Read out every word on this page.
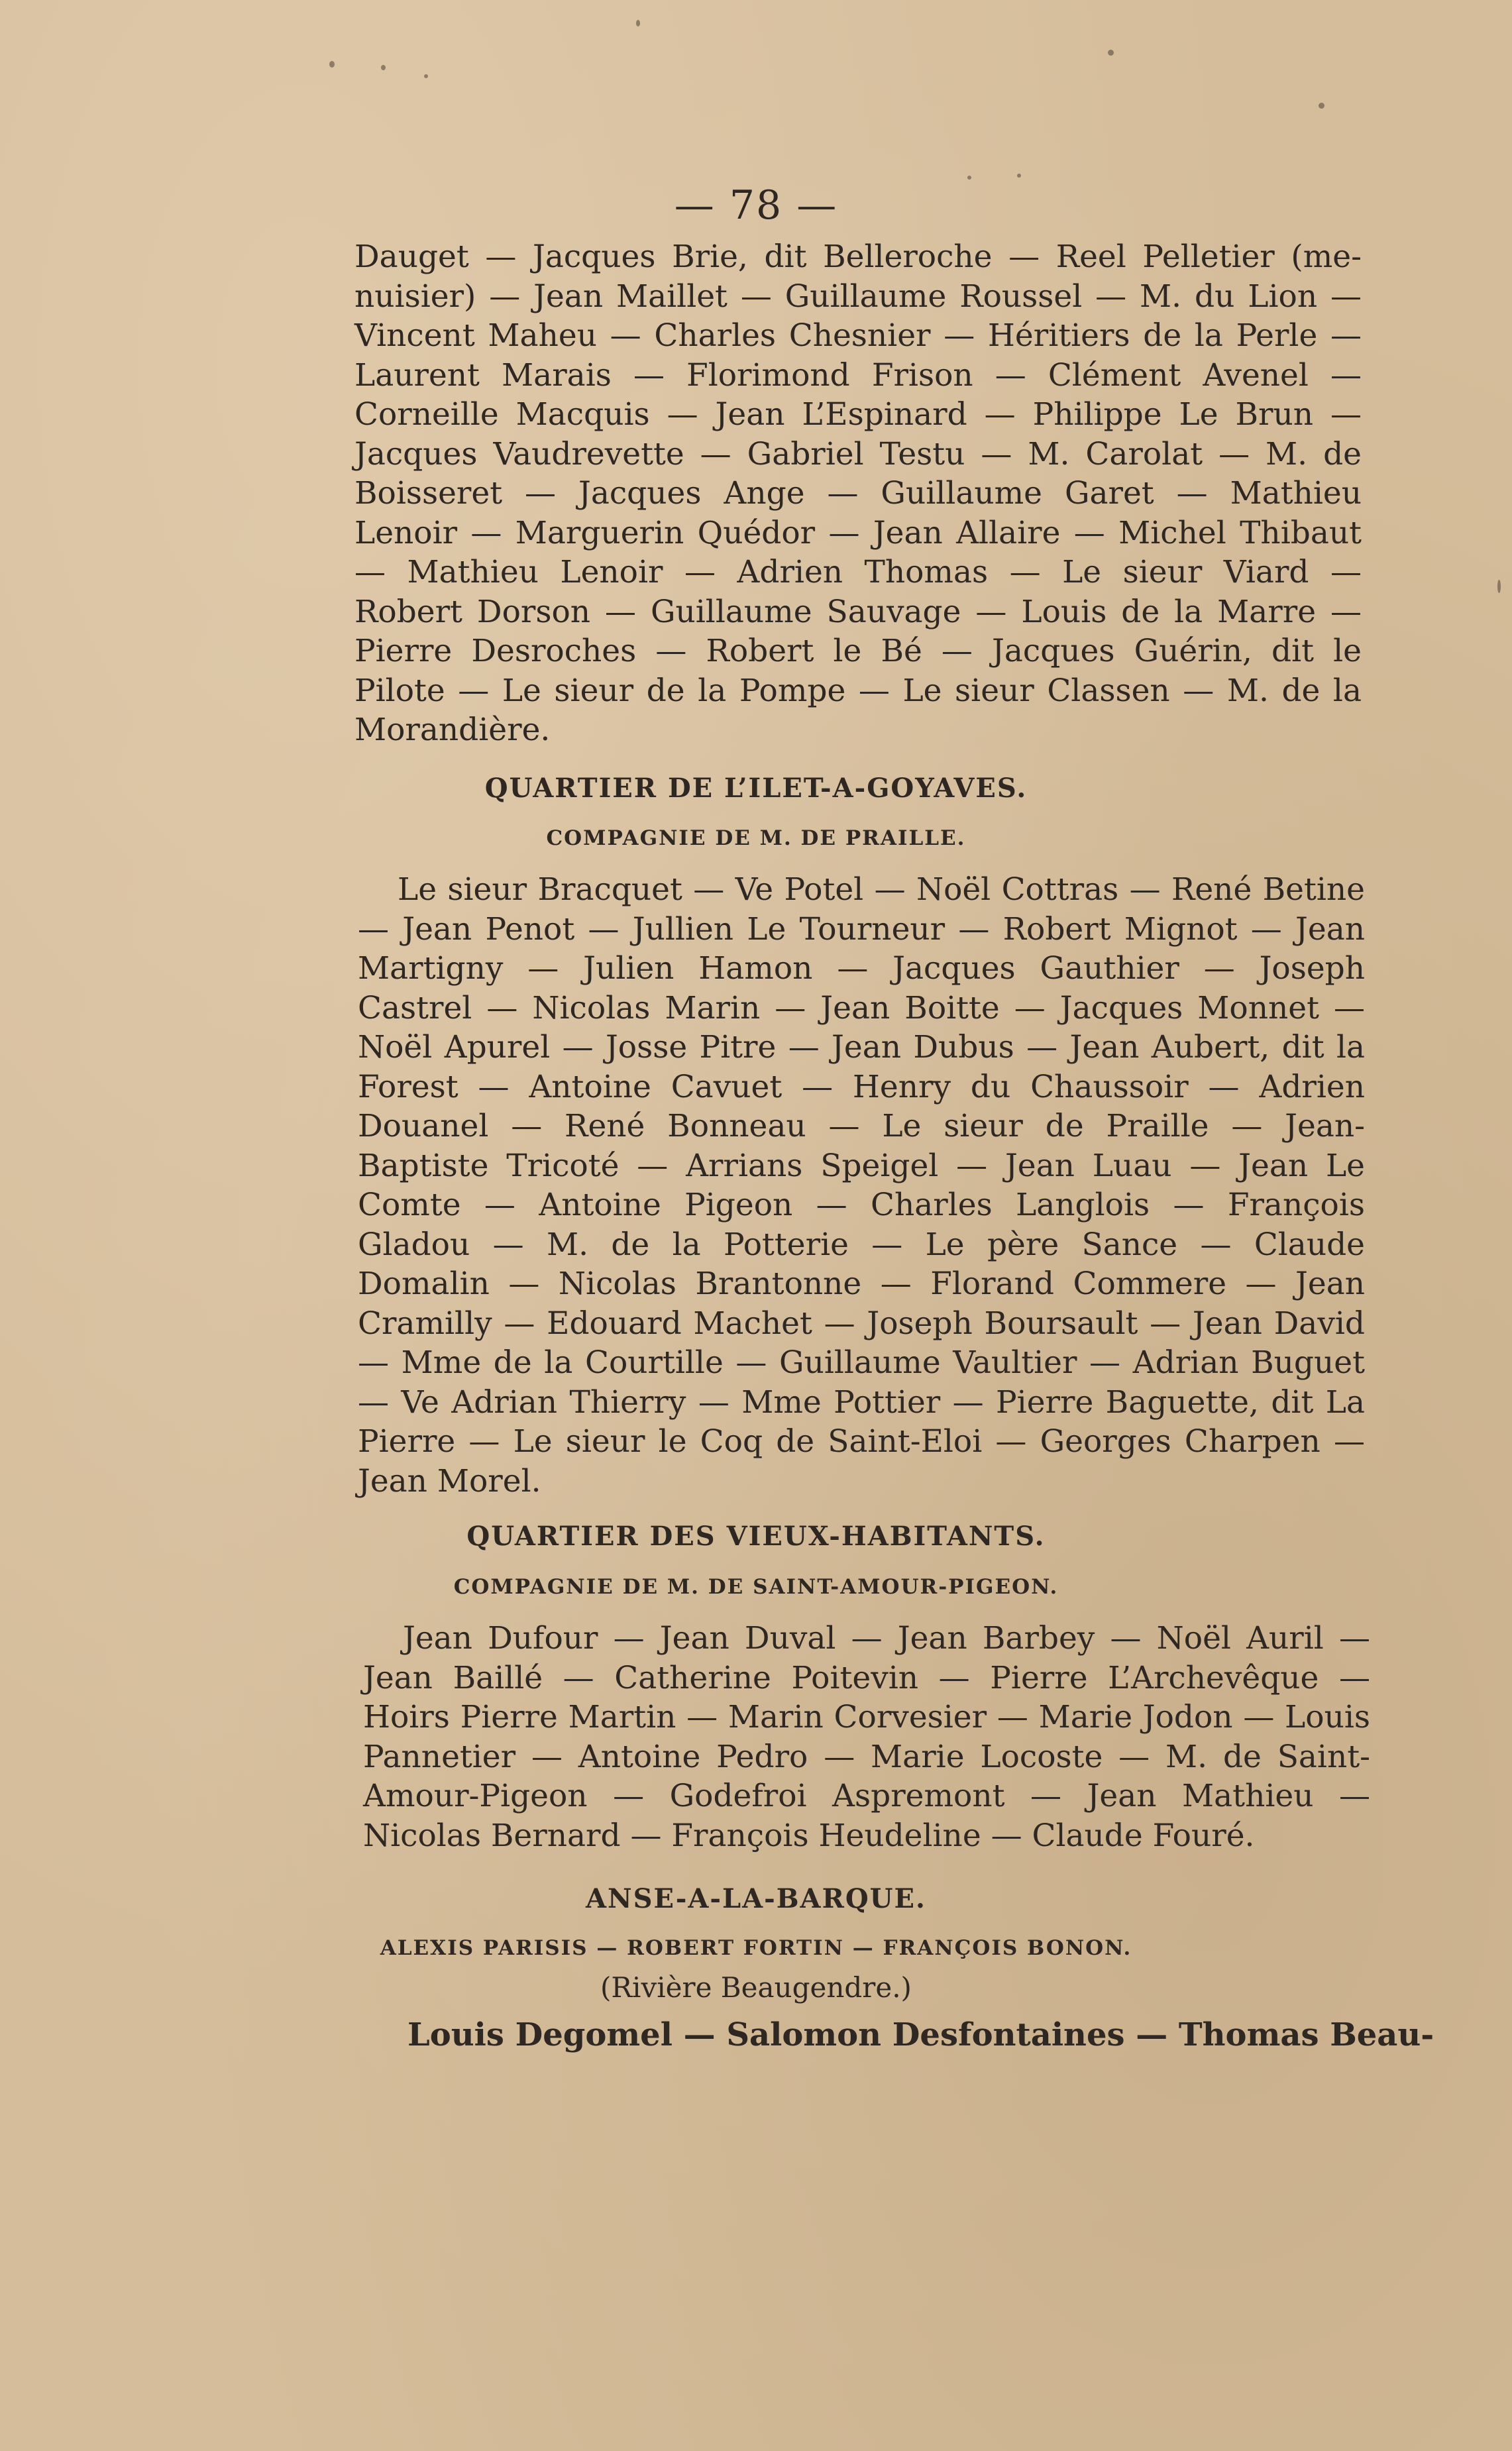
— 78 —

Dauget — Jacques Brie, dit Belleroche — Reel Pelletier (menuisier) — Jean Maillet — Guillaume Roussel — M. du Lion — Vincent Maheu — Charles Chesnier — Héritiers de la Perle — Laurent Marais — Florimond Frison — Clément Avenel — Corneille Macquis — Jean L’Espinard — Philippe Le Brun — Jacques Vaudrevette — Gabriel Testu — M. Carolat — M. de Boisseret — Jacques Ange — Guillaume Garet — Mathieu Lenoir — Marguerin Quédor — Jean Allaire — Michel Thibaut — Mathieu Lenoir — Adrien Thomas — Le sieur Viard — Robert Dorson — Guillaume Sauvage — Louis de la Marre — Pierre Desroches — Robert le Bé — Jacques Guérin, dit le Pilote — Le sieur de la Pompe — Le sieur Classen — M. de la Morandière.

QUARTIER DE L’ILET-A-GOYAVES.
COMPAGNIE DE M. DE PRAILLE.

Le sieur Bracquet — Ve Potel — Noël Cottras — René Betine — Jean Penot — Jullien Le Tourneur — Robert Mignot — Jean Martigny — Julien Hamon — Jacques Gauthier — Joseph Castrel — Nicolas Marin — Jean Boitte — Jacques Monnet — Noël Apurel — Josse Pitre — Jean Dubus — Jean Aubert, dit la Forest — Antoine Cavuet — Henry du Chaussoir — Adrien Douanel — René Bonneau — Le sieur de Praille — Jean-Baptiste Tricoté — Arrians Speigel — Jean Luau — Jean Le Comte — Antoine Pigeon — Charles Langlois — François Gladou — M. de la Potterie — Le père Sance — Claude Domalin — Nicolas Brantonne — Florand Commere — Jean Cramilly — Edouard Machet — Joseph Boursault — Jean David — Mme de la Courtille — Guillaume Vaultier — Adrian Buguet — Ve Adrian Thierry — Mme Pottier — Pierre Baguette, dit La Pierre — Le sieur le Coq de Saint-Eloi — Georges Charpen — Jean Morel.

QUARTIER DES VIEUX-HABITANTS.
COMPAGNIE DE M. DE SAINT-AMOUR-PIGEON.

Jean Dufour — Jean Duval — Jean Barbey — Noël Auril — Jean Baillé — Catherine Poitevin — Pierre L’Archevêque — Hoirs Pierre Martin — Marin Corvesier — Marie Jodon — Louis Pannetier — Antoine Pedro — Marie Locoste — M. de Saint-Amour-Pigeon — Godefroi Aspremont — Jean Mathieu — Nicolas Bernard — François Heudeline — Claude Fouré.

ANSE-A-LA-BARQUE.
ALEXIS PARISIS — ROBERT FORTIN — FRANÇOIS BONON.

(Rivière Beaugendre.)

Louis Degomel — Salomon Desfontaines — Thomas Beau-
